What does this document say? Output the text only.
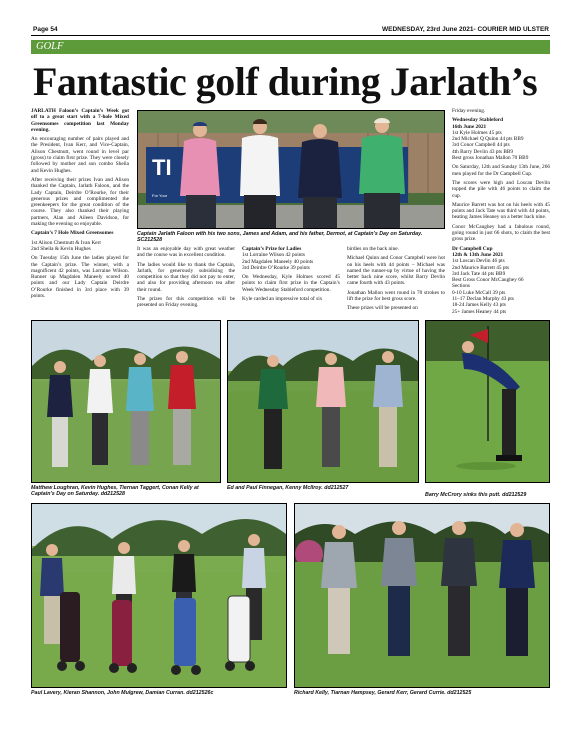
Page 54	WEDNESDAY, 23rd June 2021- COURIER MID ULSTER
GOLF
Fantastic golf during Jarlath’s

JARLATH Faloon’s Captain’s Week got off to a great start with a 7-hole Mixed Greensomes competition last Monday evening.

An encouraging number of pairs played and the President, Ivan Kerr, and Vice-Captain, Alison Chestnutt, went round in level par (gross) to claim first prize. They were closely followed by mother and son combo Sheila and Kevin Hughes.

After receiving their prizes Ivan and Alison thanked the Captain, Jarlath Faloon, and the Lady Captain, Deirdre O’Rourke, for their generous prizes and complimented the greenkeepers for the great condition of the course. They also thanked their playing partners, Alan and Aileen Davidson, for making the evening so enjoyable.

Captain’s 7 Hole Mixed Greensomes

1st Alison Chestnutt & Ivan Kerr

2nd Sheila & Kevin Hughes

On Tuesday 15th June the ladies played for the Captain’s prize. The winner, with a magnificent 42 points, was Lorraine Wilson. Runner up Magdalen Maneely scored 40 points and our Lady Captain Deirdre O’Rourke finished in 3rd place with 39 points.

TI
For Your
Captain Jarlath Faloon with his two sons, James and Adam, and his father, Dermot, at Captain’s Day on Saturday. SC212528

It was an enjoyable day with great weather and the course was in excellent condition.

The ladies would like to thank the Captain, Jarlath, for generously subsidising the competition so that they did not pay to enter, and also for providing afternoon tea after their round.

The prizes for this competition will be presented on Friday evening.

Captain’s Prize for Ladies
1st Lorraine Wilson 42 points
2nd Magdalen Maneely 40 points

3rd Deirdre O’Rourke 39 points

On Wednesday, Kyle Holmes scored 45 points to claim first prize in the Captain’s Week Wednesday Stableford competition.

Kyle carded an impressive total of six

birdies on the back nine.

Michael Quinn and Conor Campbell were hot on his heels with 44 points – Michael was named the runner-up by virtue of having the better back nine score, whilst Barry Devlin came fourth with 43 points.

Jonathan Mallon went round in 70 strokes to lift the prize for best gross score.

These prizes will be presented on

Friday evening.

Wednesday Stableford
16th June 2021
1st Kyle Holmes 45 pts
2nd Michael Q Quinn 44 pts BB9
3rd Conor Campbell 44 pts
4th Barry Devlin 43 pts BB9

Best gross Jonathan Mallon 70 BB9

On Saturday, 12th and Sunday 13th June, 266 men played for the Dr Campbell Cup.

The scores were high and Loscan Devlin topped the pile with 46 points to claim the cup.

Maurice Barrett was hot on his heels with 45 points and Jack Tate was third with 44 points, beating James Heaney on a better back nine.

Conor McCaughey had a fabulous round, going round in just 66 shots, to claim the best gross prize.

Dr Campbell Cup
12th & 13th June 2021
1st Loscan Devlin 46 pts
2nd Maurice Barrett 45 pts
3rd Jack Tate 44 pts BB9
Best Gross Conor McCaughey 66
Sections
0-10 Luke McCall 39 pts
11–17 Declan Murphy 43 pts
18-24 James Kelly 43 pts
25+ James Heaney 44 pts
Matthew Loughran, Kevin Hughes, Tiernan Taggert, Conan Kelly at Captain’s Day on Saturday. dd212528
Ed and Paul Finnegan, Kenny McIlroy. dd212527
Barry McCrory sinks this putt. dd212529
Paul Lavery, Kieran Shannon, John Mulgrew, Damian Curran. dd212526c	Richard Kelly, Tiarnan Hampsey, Gerard Kerr, Gerard Currie. dd212525
